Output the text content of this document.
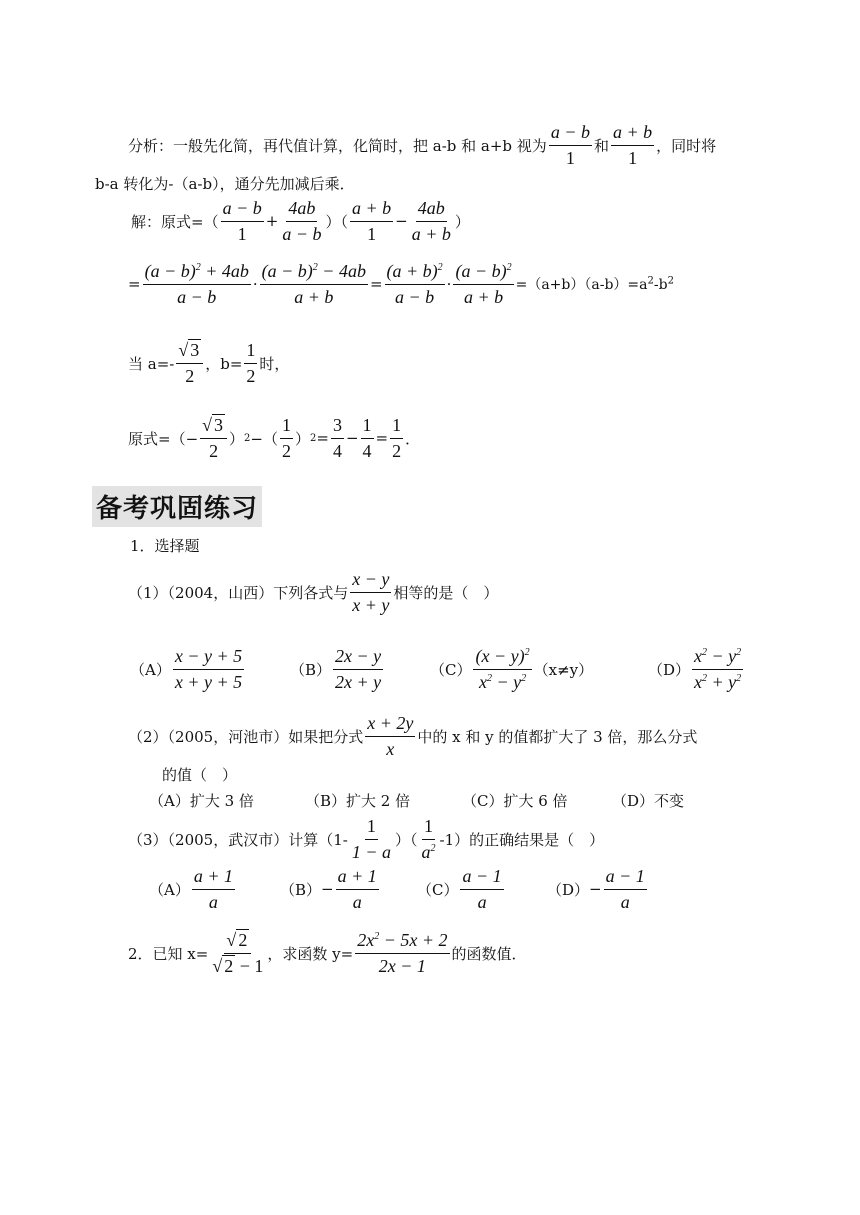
分析：一般先化简，再代值计算，化简时，把 a-b 和 a+b 视为 $\frac{a - b}{1}$ 和 $\frac{a + b}{1}$ ，同时将
b-a 转化为-（a-b），通分先加减后乘．
解：原式=（ $\frac{a - b}{1} + \frac{4ab}{a - b}$ ）（ $\frac{a + b}{1} - \frac{4ab}{a + b}$ ）
= $\frac{(a - b)^2 + 4ab}{a - b} \cdot \frac{(a - b)^2 - 4ab}{a + b} = \frac{(a + b)^2}{a - b} \cdot \frac{(a - b)^2}{a + b} =(a+b)(a-b)=a^2-b^2$
当 $a=- \frac{√ 3}{2}$ ，$b= \frac{1}{2}$ 时，
原式=（− $\frac{√ 3}{2}$ ） 2 −（ $\frac{1}{2}$ ） $2 = \frac{3}{4} - \frac{1}{4} = \frac{1}{2}$ ．
备考巩固练习
1．选择题
（1）（2004，山西）下列各式与 $\frac{x - y}{x + y}$ 相等的是（　）
$(A) \frac{x - y + 5}{x + y + 5}$	$(B) \frac{2x - y}{2x + y}$	$(C) \frac{(x - y)^2}{x^2 - y^2} (x\ne y)$	$(D) \frac{x^2 - y^2}{x^2 + y^2}$
（2）（2005，河池市）如果把分式 $\frac{x + 2y}{x}$ 中的 x 和 y 的值都扩大了 3 倍，那么分式
的值（　）
（A）扩大 3 倍	（B）扩大 2 倍	（C）扩大 6 倍	（D）不变
（3）（2005，武汉市）计算（$1- \frac{1}{1 - a}$ ）（ $\frac{1}{a^2} -1$）的正确结果是（　）
$(A) \frac{a + 1}{a}$	$(B) - \frac{a + 1}{a}$	$(C) \frac{a - 1}{a}$	$(D) - \frac{a - 1}{a}$
2．已知 $x= \frac{√ 2}{√ 2 - 1}$ ，求函数 $y= \frac{2x^2 - 5x + 2}{2x - 1}$ 的函数值．
